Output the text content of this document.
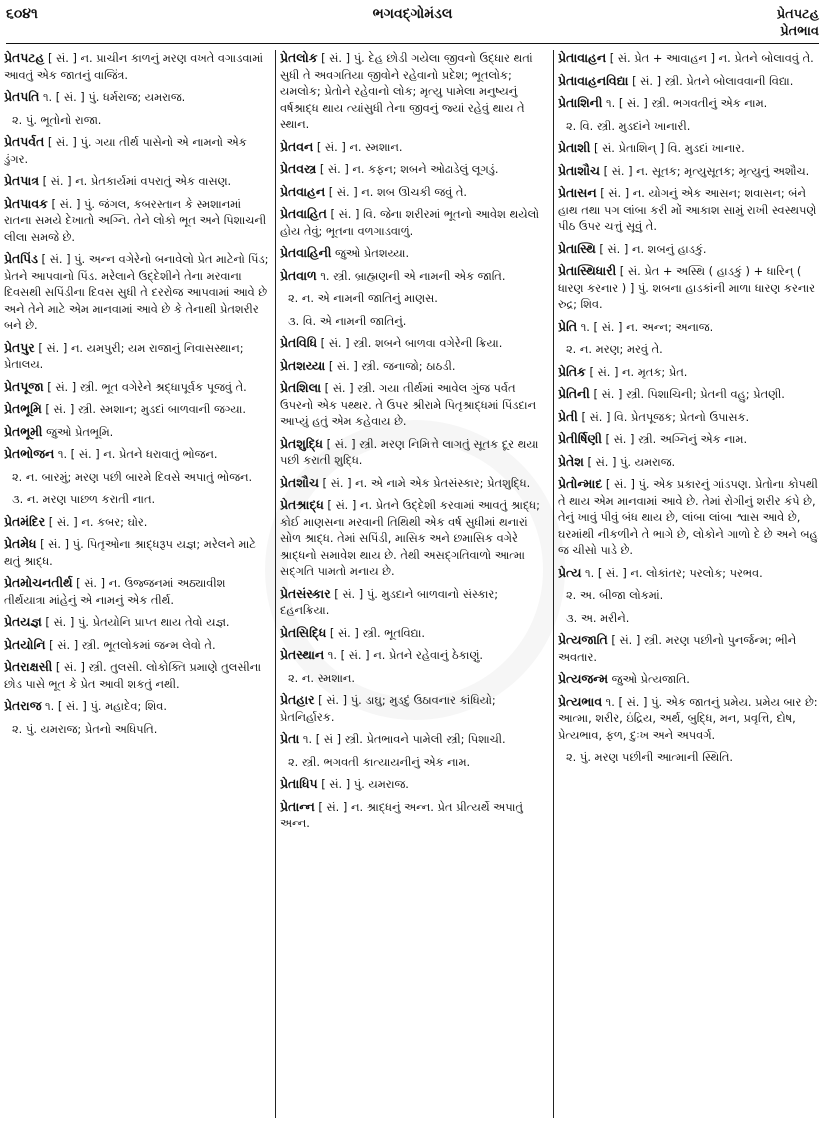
૬૦૪૧	ભગવદ્ગોમંડલ	પ્રેતપટહ
પ્રેતભાવ

પ્રેતપટહ [ સં. ] ન. પ્રાચીન કાળનું મરણ વખતે વગાડવામાં આવતું એક જાતનું વાજિંત્ર.

પ્રેતપતિ ૧. [ સં. ] પું. ધર્મરાજ; યમરાજ.

૨. પું. ભૂતોનો રાજા.

પ્રેતપર્વત [ સં. ] પું. ગયા તીર્થ પાસેનો એ નામનો એક ડુંગર.

પ્રેતપાત્ર [ સં. ] ન. પ્રેતકાર્યમાં વપરાતું એક વાસણ.

પ્રેતપાવક [ સં. ] પું. જંગલ, કબરસ્તાન કે સ્મશાનમાં રાતના સમયે દેખાતો અગ્નિ. તેને લોકો ભૂત અને પિશાચની લીલા સમજે છે.

પ્રેતપિંડ [ સં. ] પું. અન્ન વગેરેનો બનાવેલો પ્રેત માટેનો પિંડ; પ્રેતને આપવાનો પિંડ. મરેલાને ઉદ્દેશીને તેના મરવાના દિવસથી સપિંડીના દિવસ સુધી તે દરરોજ આપવામાં આવે છે અને તેને માટે એમ માનવામાં આવે છે કે તેનાથી પ્રેતશરીર બને છે.

પ્રેતપુર [ સં. ] ન. યમપુરી; યમ રાજાનું નિવાસસ્થાન; પ્રેતાલય.

પ્રેતપૂજા [ સં. ] સ્ત્રી. ભૂત વગેરેને શ્રદ્ધાપૂર્વક પૂજવું તે.

પ્રેતભૂમિ [ સં. ] સ્ત્રી. સ્મશાન; મુડદાં બાળવાની જગ્યા.

પ્રેતભૂમી જુઓ પ્રેતભૂમિ.

પ્રેતભોજન ૧. [ સં. ] ન. પ્રેતને ધરાવાતું ભોજન.

૨. ન. બારમું; મરણ પછી બારમે દિવસે અપાતું ભોજન.

૩. ન. મરણ પાછળ કરાતી નાત.

પ્રેતમંદિર [ સં. ] ન. કબર; ઘોર.

પ્રેતમેધ [ સં. ] પું. પિતૃઓના શ્રાદ્ધરૂપ યજ્ઞ; મરેલને માટે થતું શ્રાદ્ધ.

પ્રેતમોચનતીર્થ [ સં. ] ન. ઉજ્જનમાં અઠ્યાવીશ તીર્થયાત્રા માંહેનું એ નામનું એક તીર્થ.

પ્રેતયજ્ઞ [ સં. ] પું. પ્રેતયોનિ પ્રાપ્ત થાય તેવો યજ્ઞ.

પ્રેતયોનિ [ સં. ] સ્ત્રી. ભૂતલોકમાં જન્મ લેવો તે.

પ્રેતરાક્ષસી [ સં. ] સ્ત્રી. તુલસી. લોકોક્તિ પ્રમાણે તુલસીના છોડ પાસે ભૂત કે પ્રેત આવી શકતું નથી.

પ્રેતરાજ ૧. [ સં. ] પું. મહાદેવ; શિવ.

૨. પું. યમરાજ; પ્રેતનો અધિપતિ.

પ્રેતલોક [ સં. ] પું. દેહ છોડી ગયેલા જીવનો ઉદ્ધાર થતાં સુધી તે અવગતિયા જીવોને રહેવાનો પ્રદેશ; ભૂતલોક; યમલોક; પ્રેતોને રહેવાનો લોક; મૃત્યુ પામેલા મનુષ્યનું વર્ષશ્રાદ્ધ થાય ત્યાંસુધી તેના જીવનું જ્યાં રહેવું થાય તે સ્થાન.

પ્રેતવન [ સં. ] ન. સ્મશાન.

પ્રેતવસ્ત્ર [ સં. ] ન. કફન; શબને ઓઢાડેલું લૂગડું.

પ્રેતવાહન [ સં. ] ન. શબ ઊચકી જવું તે.

પ્રેતવાહિત [ સં. ] વિ. જેના શરીરમાં ભૂતનો આવેશ થયેલો હોય તેવું; ભૂતના વળગાડવાળું.

પ્રેતવાહિની જુઓ પ્રેતશય્યા.

પ્રેતવાળ ૧. સ્ત્રી. બ્રાહ્મણની એ નામની એક જાતિ.

૨. ન. એ નામની જાતિનું માણસ.

૩. વિ. એ નામની જાતિનું.

પ્રેતવિધિ [ સં. ] સ્ત્રી. શબને બાળવા વગેરેની ક્રિયા.

પ્રેતશય્યા [ સં. ] સ્ત્રી. જનાજો; ઠાઠડી.

પ્રેતશિલા [ સં. ] સ્ત્રી. ગયા તીર્થમાં આવેલ ગુંજ પર્વત ઉપરનો એક પથ્થર. તે ઉપર શ્રીરામે પિતૃશ્રાદ્ધમાં પિંડદાન આપ્યું હતું એમ કહેવાય છે.

પ્રેતશુદ્ધિ [ સં. ] સ્ત્રી. મરણ નિમિત્તે લાગતું સૂતક દૂર થયા પછી કરાતી શુદ્ધિ.

પ્રેતશૌચ [ સં. ] ન. એ નામે એક પ્રેતસંસ્કાર; પ્રેતશુદ્ધિ.

પ્રેતશ્રાદ્ધ [ સં. ] ન. પ્રેતને ઉદ્દેશી કરવામાં આવતું શ્રાદ્ધ; કોઈ માણસના મરવાની તિથિથી એક વર્ષ સુધીમાં થનારાં સોળ શ્રાદ્ધ. તેમાં સપિંડી, માસિક અને છમાસિક વગેરે શ્રાદ્ધનો સમાવેશ થાય છે. તેથી અસદ્ગતિવાળો આત્મા સદ્ગતિ પામતો મનાય છે.

પ્રેતસંસ્કાર [ સં. ] પું. મુડદાને બાળવાનો સંસ્કાર; દહનક્રિયા.

પ્રેતસિદ્ધિ [ સં. ] સ્ત્રી. ભૂતવિદ્યા.

પ્રેતસ્થાન ૧. [ સં. ] ન. પ્રેતને રહેવાનું ઠેકાણું.

૨. ન. સ્મશાન.

પ્રેતહાર [ સં. ] પું. ડાઘુ; મુડદું ઉઠાવનાર કાંધિયો; પ્રેતનિર્હારક.

પ્રેતા ૧. [ સં ] સ્ત્રી. પ્રેતભાવને પામેલી સ્ત્રી; પિશાચી.

૨. સ્ત્રી. ભગવતી કાત્યાયનીનું એક નામ.

પ્રેતાધિપ [ સં. ] પું. યમરાજ.

પ્રેતાન્ન [ સં. ] ન. શ્રાદ્ધનું અન્ન. પ્રેત પ્રીત્યર્થે અપાતું અન્ન.

પ્રેતાવાહન [ સં. પ્રેત + આવાહન ] ન. પ્રેતને બોલાવવું તે.

પ્રેતાવાહનવિદ્યા [ સં. ] સ્ત્રી. પ્રેતને બોલાવવાની વિદ્યા.

પ્રેતાશિની ૧. [ સં. ] સ્ત્રી. ભગવતીનું એક નામ.

૨. વિ. સ્ત્રી. મુડદાંને ખાનારી.

પ્રેતાશી [ સં. પ્રેતાશિન્ ] વિ. મુડદાં ખાનાર.

પ્રેતાશૌચ [ સં. ] ન. સૂતક; મૃત્યુસૂતક; મૃત્યુનું અશૌચ.

પ્રેતાસન [ સં. ] ન. યોગનું એક આસન; શવાસન; બંને હાથ તથા પગ લાંબા કરી મોં આકાશ સામું રાખી સ્વસ્થપણે પીઠ ઉપર ચત્તું સૂવું તે.

પ્રેતાસ્થિ [ સં. ] ન. શબનું હાડકું.

પ્રેતાસ્થિધારી [ સં. પ્રેત + અસ્થિ ( હાડકું ) + ધારિન્ ( ધારણ કરનાર ) ] પું. શબના હાડકાંની માળા ધારણ કરનાર રુદ્ર; શિવ.

પ્રેતિ ૧. [ સં. ] ન. અન્ન; અનાજ.

૨. ન. મરણ; મરવું તે.

પ્રેતિક [ સં. ] ન. મૃતક; પ્રેત.

પ્રેતિની [ સં. ] સ્ત્રી. પિશાચિની; પ્રેતની વહુ; પ્રેતણી.

પ્રેતી [ સં. ] વિ. પ્રેતપૂજક; પ્રેતનો ઉપાસક.

પ્રેતીર્ષિણી [ સં. ] સ્ત્રી. અગ્નિનું એક નામ.

પ્રેતેશ [ સં. ] પું. યમરાજ.

પ્રેતોન્માદ [ સં. ] પું. એક પ્રકારનું ગાંડપણ. પ્રેતોના કોપથી તે થાય એમ માનવામાં આવે છે. તેમાં રોગીનું શરીર કંપે છે, તેનું ખાવું પીવું બંધ થાય છે, લાંબા લાંબા શ્વાસ આવે છે, ઘરમાંથી નીકળીને તે ભાગે છે, લોકોને ગાળો દે છે અને બહુ જ ચીસો પાડે છે.

પ્રેત્ય ૧. [ સં. ] ન. લોકાંતર; પરલોક; પરભવ.

૨. અ. બીજા લોકમાં.

૩. અ. મરીને.

પ્રેત્યજાતિ [ સં. ] સ્ત્રી. મરણ પછીનો પુનર્જન્મ; ભીને અવતાર.

પ્રેત્યજન્મ જુઓ પ્રેત્યજાતિ.

પ્રેત્યભાવ ૧. [ સં. ] પું. એક જાતનું પ્રમેય. પ્રમેય બાર છે: આત્મા, શરીર, ઇંદ્રિય, અર્થ, બુદ્ધિ, મન, પ્રવૃત્તિ, દોષ, પ્રેત્યભાવ, ફળ, દુઃખ અને અપવર્ગ.

૨. પું. મરણ પછીની આત્માની સ્થિતિ.
